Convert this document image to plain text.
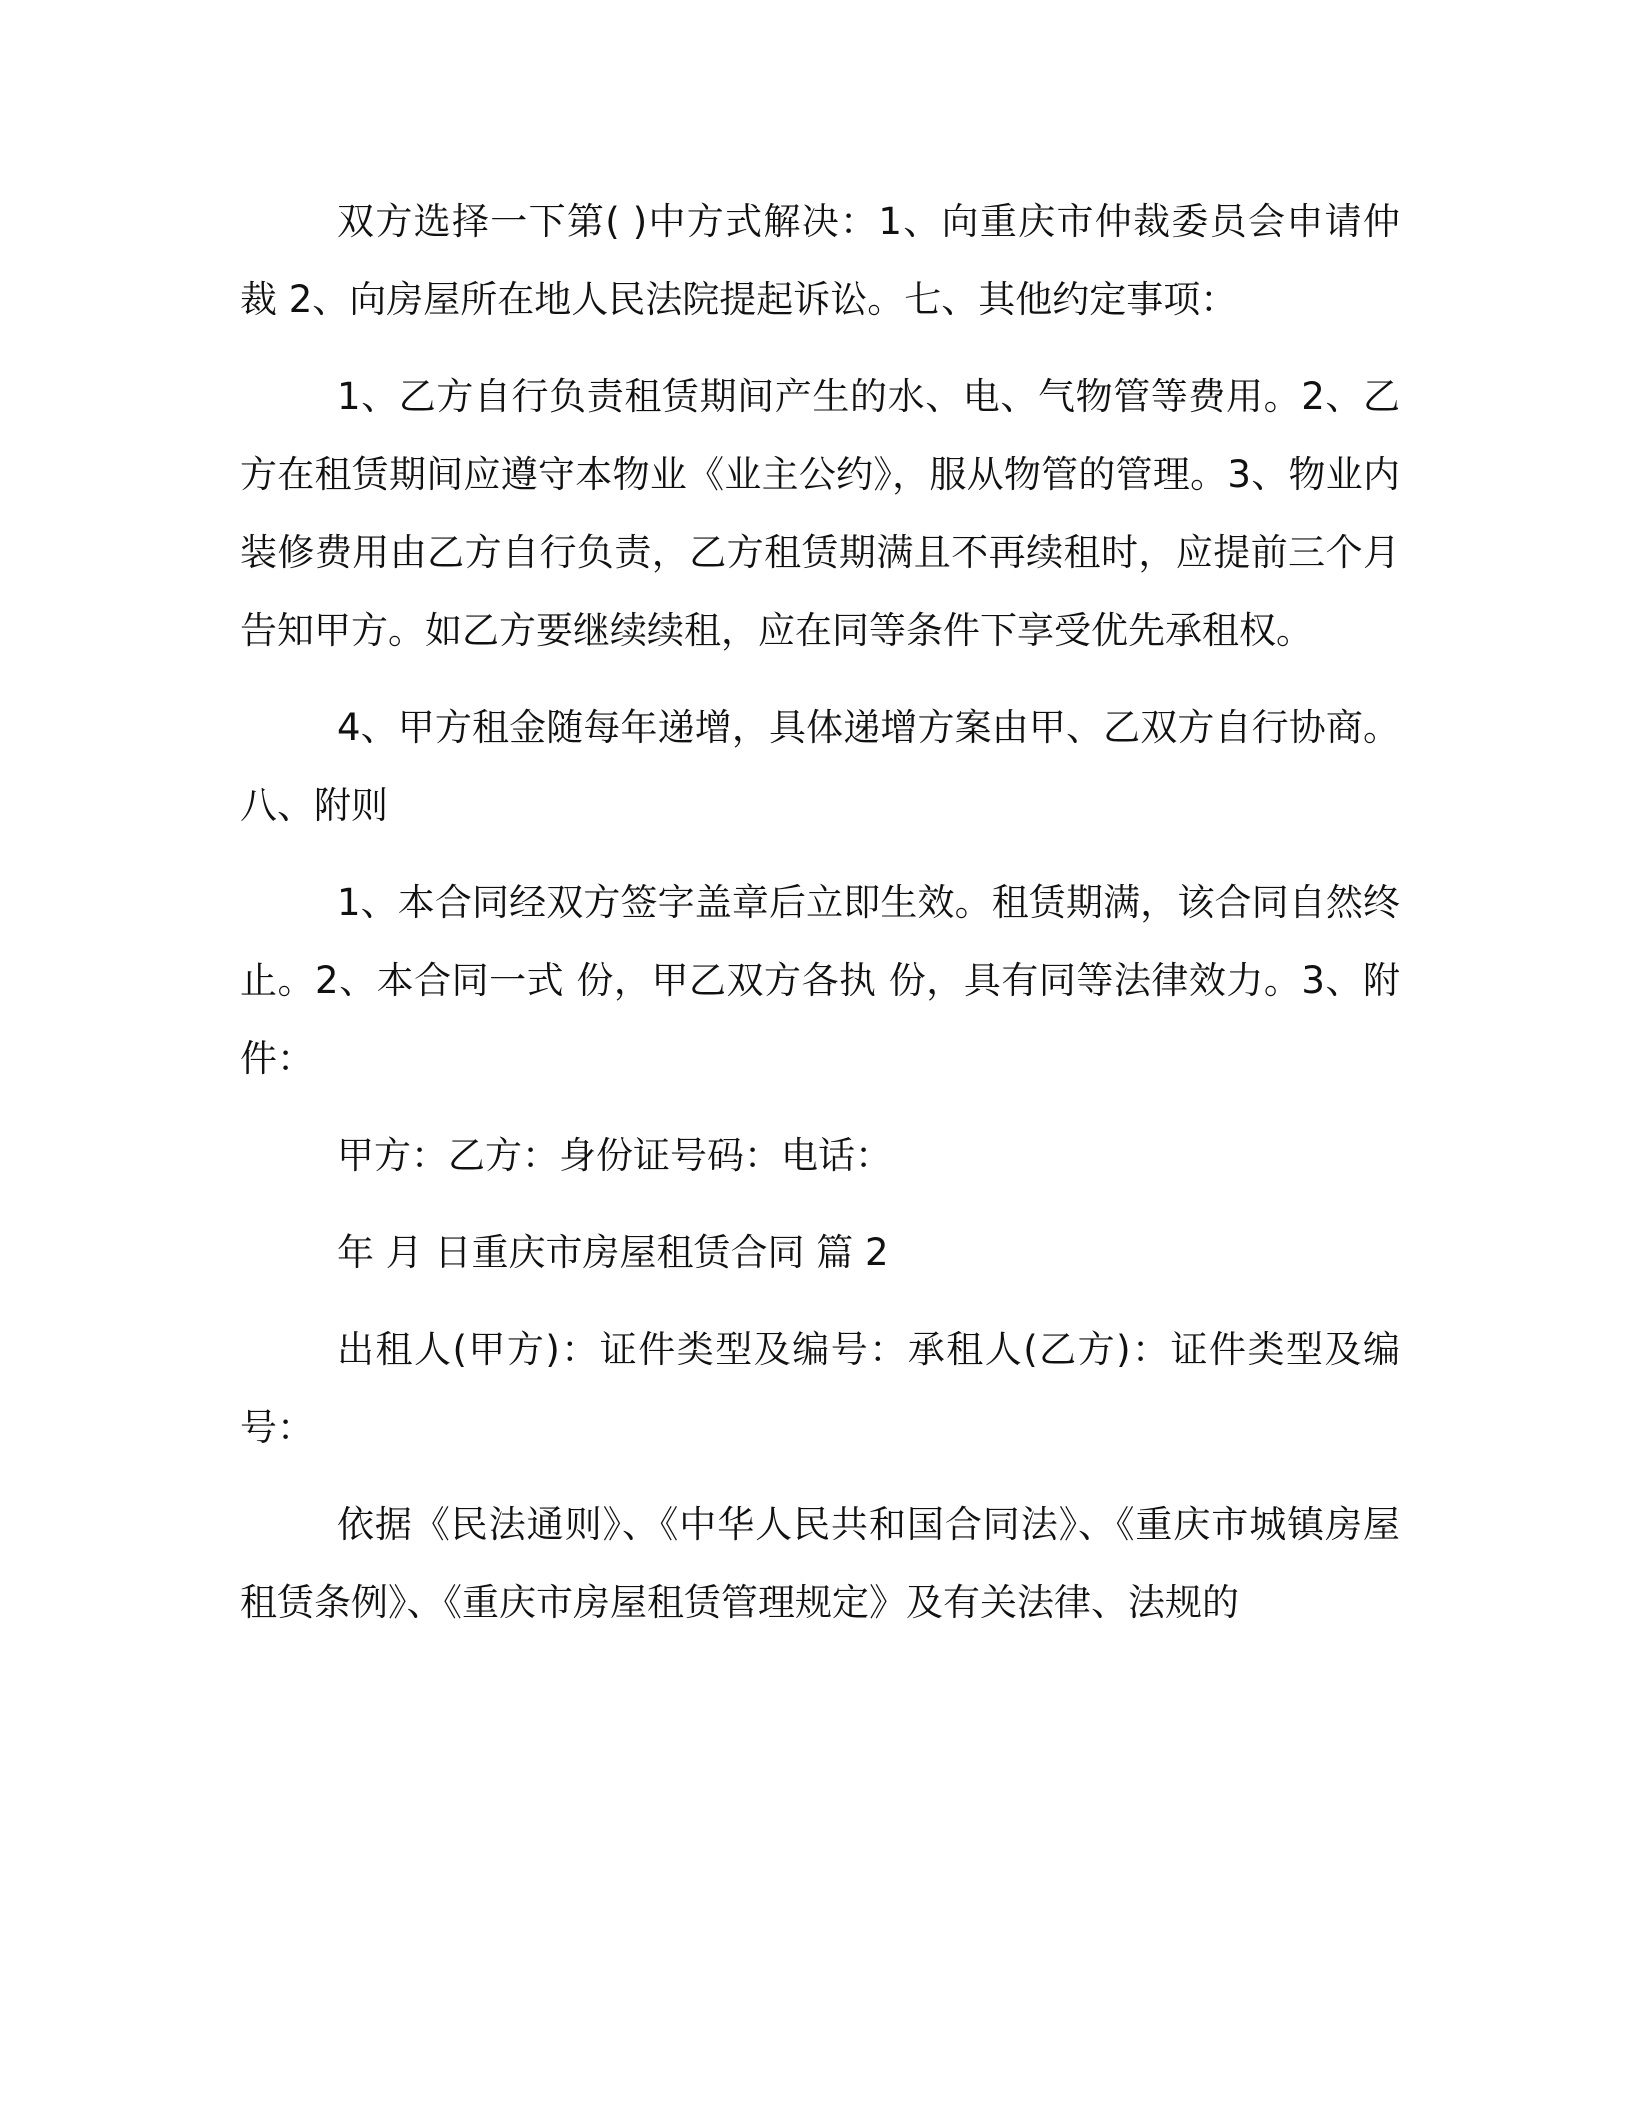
双方选择一下第( )中方式解决：1、向重庆市仲裁委员会申请仲裁 2、向房屋所在地人民法院提起诉讼。七、其他约定事项：

1、乙方自行负责租赁期间产生的水、电、气物管等费用。2、乙方在租赁期间应遵守本物业《业主公约》，服从物管的管理。3、物业内装修费用由乙方自行负责，乙方租赁期满且不再续租时，应提前三个月告知甲方。如乙方要继续续租，应在同等条件下享受优先承租权。

4、甲方租金随每年递增，具体递增方案由甲、乙双方自行协商。八、附则

1、本合同经双方签字盖章后立即生效。租赁期满，该合同自然终止。2、本合同一式 份，甲乙双方各执 份，具有同等法律效力。3、附件：

甲方：乙方：身份证号码：电话：

年 月 日重庆市房屋租赁合同 篇 2

出租人(甲方)：证件类型及编号：承租人(乙方)：证件类型及编号：

依据《民法通则》、《中华人民共和国合同法》、《重庆市城镇房屋租赁条例》、《重庆市房屋租赁管理规定》及有关法律、法规的
